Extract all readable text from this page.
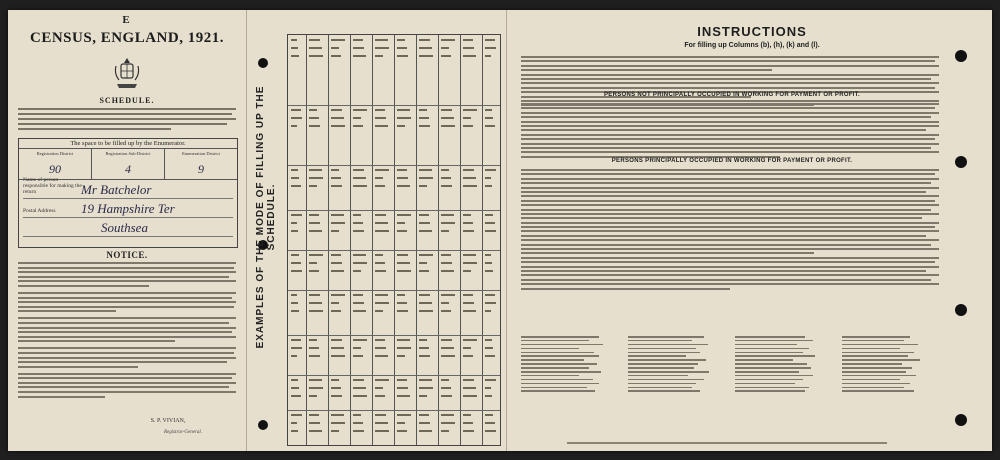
E
CENSUS, ENGLAND, 1921.
SCHEDULE.
The space to be filled up by the Enumerator.
Registration District
90
Registration Sub-District
4
Enumeration District
9
Name of person responsible for making the return	Mr Batchelor
Postal Address	19 Hampshire Ter
Southsea
NOTICE.
S. P. VIVIAN,
Registrar-General.
EXAMPLES OF THE MODE OF FILLING UP THE SCHEDULE.

INSTRUCTIONS
For filling up Columns (b), (h), (k) and (l).
PERSONS NOT PRINCIPALLY OCCUPIED IN WORKING FOR PAYMENT OR PROFIT.
PERSONS PRINCIPALLY OCCUPIED IN WORKING FOR PAYMENT OR PROFIT.
